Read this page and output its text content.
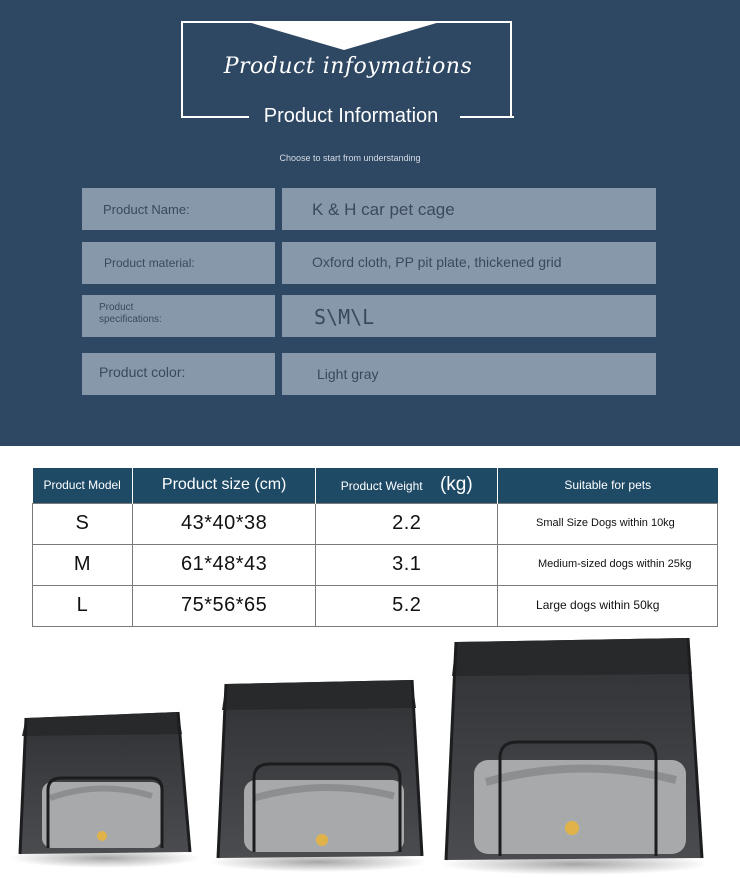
Product infoymations
Product Information
Choose to start from understanding
Product Name:	K & H car pet cage
Product material:	Oxford cloth, PP pit plate, thickened grid
Product specifications:	S\M\L
Product color:	Light gray
Product Model	Product size (cm)	Product Weight (kg)	Suitable for pets
S	43*40*38	2.2	Small Size Dogs within 10kg

M	61*48*43	3.1	Medium-sized dogs within 25kg

L	75*56*65	5.2	Large dogs within 50kg
